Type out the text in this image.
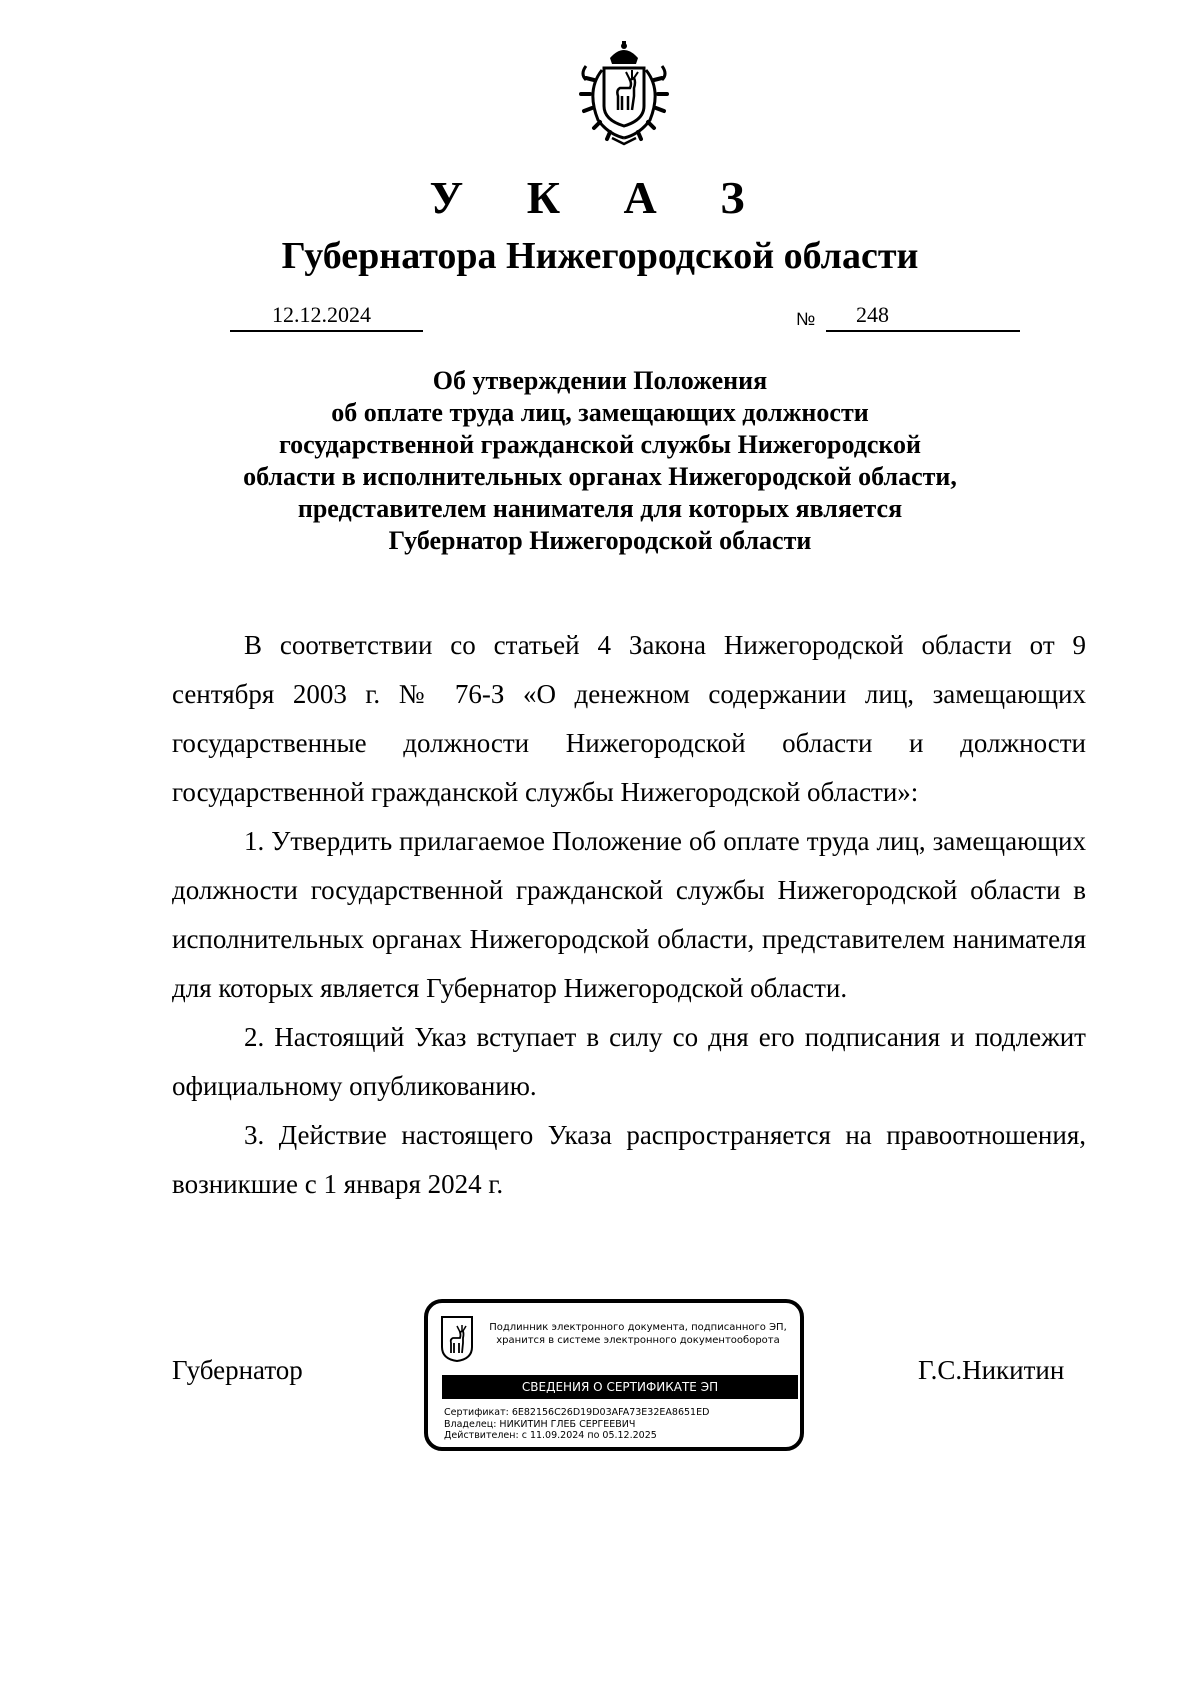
У К А З
Губернатора Нижегородской области
12.12.2024	№ 248
Об утверждении Положения
об оплате труда лиц, замещающих должности
государственной гражданской службы Нижегородской
области в исполнительных органах Нижегородской области,
представителем нанимателя для которых является
Губернатор Нижегородской области

В соответствии со статьей 4 Закона Нижегородской области от 9 сентября 2003 г. № 76-З «О денежном содержании лиц, замещающих государственные должности Нижегородской области и должности государственной гражданской службы Нижегородской области»:

1. Утвердить прилагаемое Положение об оплате труда лиц, замещающих должности государственной гражданской службы Нижегородской области в исполнительных органах Нижегородской области, представителем нанимателя для которых является Губернатор Нижегородской области.

2. Настоящий Указ вступает в силу со дня его подписания и подлежит официальному опубликованию.

3. Действие настоящего Указа распространяется на правоотношения, возникшие с 1 января 2024 г.

Губернатор
Подлинник электронного документа, подписанного ЭП,
хранится в системе электронного документооборота
СВЕДЕНИЯ О СЕРТИФИКАТЕ ЭП
Сертификат: 6E82156C26D19D03AFA73E32EA8651ED
Владелец: НИКИТИН ГЛЕБ СЕРГЕЕВИЧ
Действителен: с 11.09.2024 по 05.12.2025
Г.С.Никитин
